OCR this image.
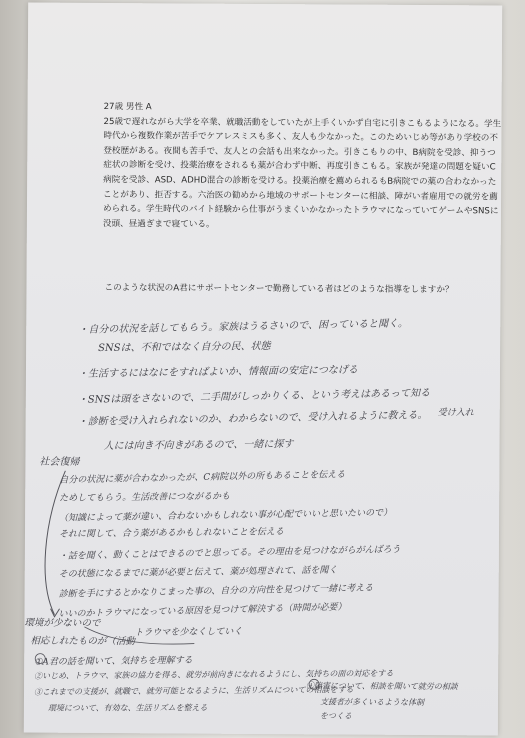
27歳 男性 A
25歳で遅れながら大学を卒業、就職活動をしていたが上手くいかず自宅に引きこもるようになる。学生時代から複数作業が苦手でケアレスミスも多く、友人も少なかった。このためいじめ等があり学校の不登校歴がある。夜間も苦手で、友人との会話も出来なかった。引きこもりの中、B病院を受診、抑うつ症状の診断を受け、投薬治療をされるも薬が合わず中断、再度引きこもる。家族が発達の問題を疑いC病院を受診、ASD、ADHD混合の診断を受ける。投薬治療を薦められるもB病院での薬の合わなかったことがあり、拒否する。六治医の勧めから地域のサポートセンターに相談、障がい者雇用での就労を薦められる。学生時代のバイト経験から仕事がうまくいかなかったトラウマになっていてゲームやSNSに没頭、昼過ぎまで寝ている。
このような状況のA君にサポートセンターで勤務している者はどのような指導をしますか？
・自分の状況を話してもらう。家族はうるさいので、困っていると聞く。
SNSは、不和ではなく自分の民、状態
・生活するにはなにをすればよいか、情報面の安定につなげる
・SNSは頭をさないので、二手間がしっかりくる、という考えはあるって知る
受け入れ
・診断を受け入れられないのか、わからないので、受け入れるように教える。
人には向き不向きがあるので、一緒に探す
社会復帰
自分の状況に薬が合わなかったが、C病院以外の所もあることを伝える
ためしてもらう。生活改善につながるかも
（知識によって薬が違い、合わないかもしれない事が心配でいいと思いたいので）
それに関して、合う薬があるかもしれないことを伝える
・話を聞く、動くことはできるのでと思ってる。その理由を見つけながらがんばろう
その状態になるまでに薬が必要と伝えて、薬が処理されて、話を聞く
診断を手にするとかなりこまった事の、自分の方向性を見つけて一緒に考える
いいのかトラウマになっている原因を見つけて解決する（時間が必要）
トラウマを少なくしていく
環境が少ないので
相応しれたものが（活動
①A君の話を聞いて、気持ちを理解する
②いじめ、トラウマ、家族の協力を得る、就労が前向きになれるようにし、気持ちの面の対応をする
③これまでの支援が、就職で、就労可能となるように、生活リズムについての相談をする
環境について、有効な、生活リズムを整える
④障害について、相談を聞いて就労の相談
支援者が多くいるような体制
をつくる
